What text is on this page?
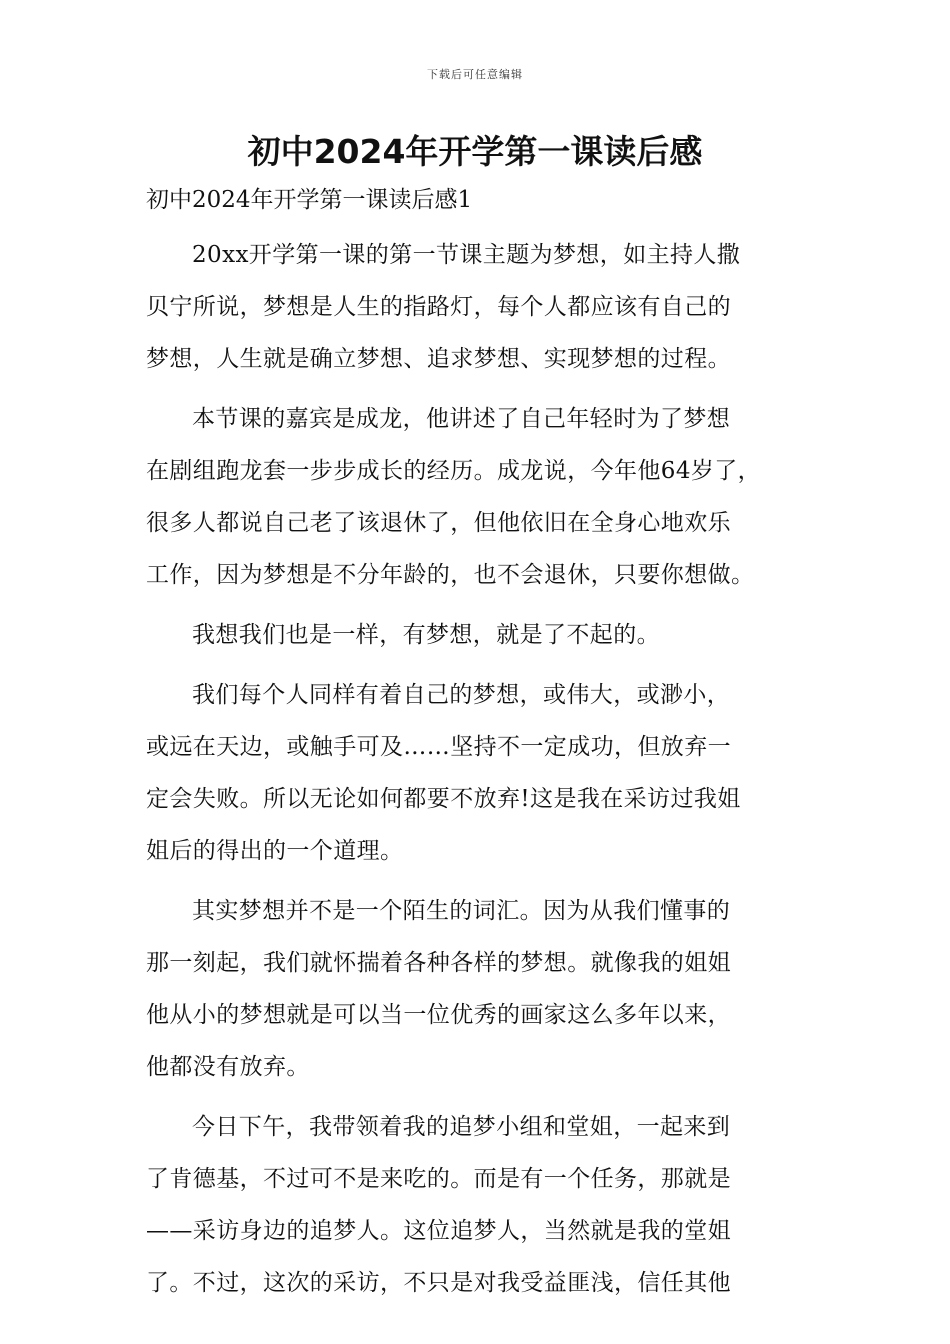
下载后可任意编辑
初中2024年开学第一课读后感
初中2024年开学第一课读后感1

20xx开学第一课的第一节课主题为梦想，如主持人撒
贝宁所说，梦想是人生的指路灯，每个人都应该有自己的
梦想，人生就是确立梦想、追求梦想、实现梦想的过程。

本节课的嘉宾是成龙，他讲述了自己年轻时为了梦想
在剧组跑龙套一步步成长的经历。成龙说，今年他64岁了，
很多人都说自己老了该退休了，但他依旧在全身心地欢乐
工作，因为梦想是不分年龄的，也不会退休，只要你想做。

我想我们也是一样，有梦想，就是了不起的。

我们每个人同样有着自己的梦想，或伟大，或渺小，
或远在天边，或触手可及……坚持不一定成功，但放弃一
定会失败。所以无论如何都要不放弃!这是我在采访过我姐
姐后的得出的一个道理。

其实梦想并不是一个陌生的词汇。因为从我们懂事的
那一刻起，我们就怀揣着各种各样的梦想。就像我的姐姐
他从小的梦想就是可以当一位优秀的画家这么多年以来，
他都没有放弃。

今日下午，我带领着我的追梦小组和堂姐，一起来到
了肯德基，不过可不是来吃的。而是有一个任务，那就是
——采访身边的追梦人。这位追梦人，当然就是我的堂姐
了。不过，这次的采访，不只是对我受益匪浅，信任其他
